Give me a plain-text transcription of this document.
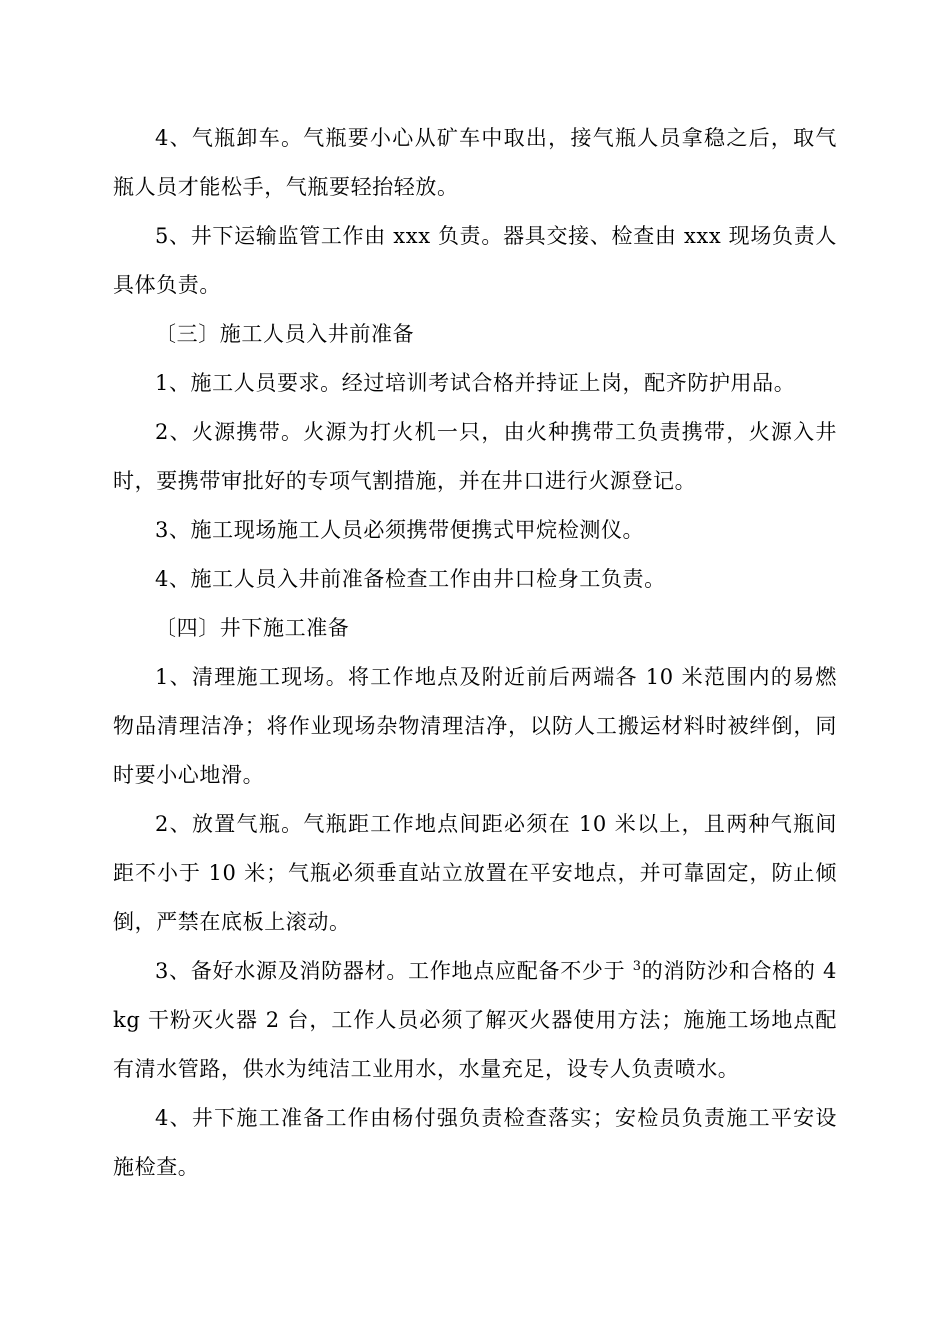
4、气瓶卸车。气瓶要小心从矿车中取出，接气瓶人员拿稳之后，取气瓶人员才能松手，气瓶要轻抬轻放。

5、井下运输监管工作由 xxx 负责。器具交接、检查由 xxx 现场负责人具体负责。

〔三〕施工人员入井前准备

1、施工人员要求。经过培训考试合格并持证上岗，配齐防护用品。

2、火源携带。火源为打火机一只，由火种携带工负责携带，火源入井时，要携带审批好的专项气割措施，并在井口进行火源登记。

3、施工现场施工人员必须携带便携式甲烷检测仪。

4、施工人员入井前准备检查工作由井口检身工负责。

〔四〕井下施工准备

1、清理施工现场。将工作地点及附近前后两端各 10 米范围内的易燃物品清理洁净；将作业现场杂物清理洁净，以防人工搬运材料时被绊倒，同时要小心地滑。

2、放置气瓶。气瓶距工作地点间距必须在 10 米以上，且两种气瓶间距不小于 10 米；气瓶必须垂直站立放置在平安地点，并可靠固定，防止倾倒，严禁在底板上滚动。

3、备好水源及消防器材。工作地点应配备不少于 $^3$的消防沙和合格的 4kg 干粉灭火器 2 台，工作人员必须了解灭火器使用方法；施施工场地点配有清水管路，供水为纯洁工业用水，水量充足，设专人负责喷水。

4、井下施工准备工作由杨付强负责检查落实；安检员负责施工平安设施检查。
